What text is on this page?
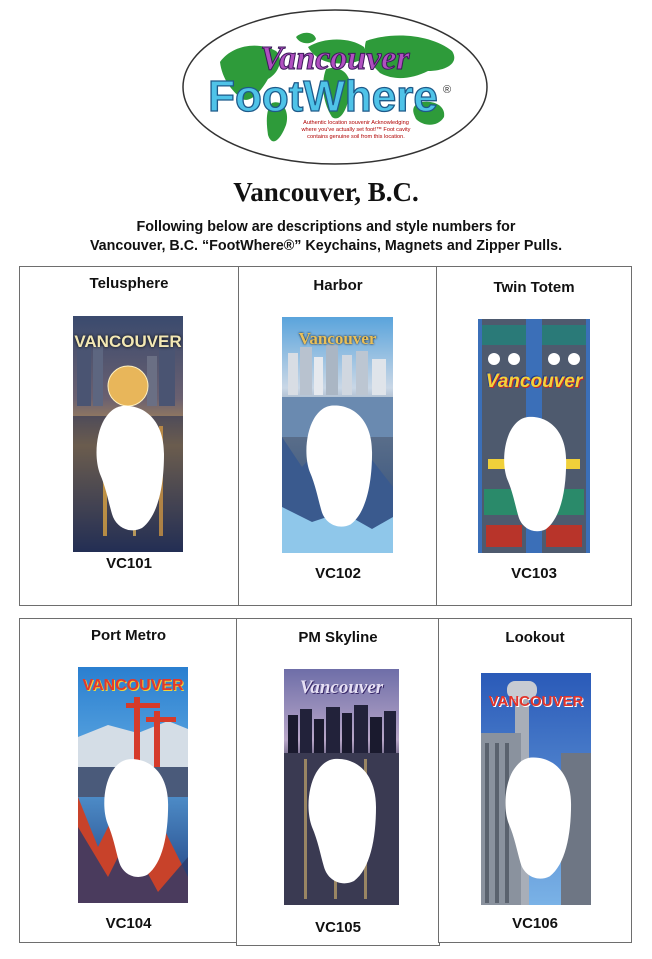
Vancouver
FootWhere ®
Authentic location souvenir Acknowledging
where you've actually set foot!™ Foot cavity
contains genuine soil from this location.
Vancouver, B.C.
Following below are descriptions and style numbers for
Vancouver, B.C. “FootWhere®” Keychains, Magnets and Zipper Pulls.
Telusphere
VANCOUVER
VC101
Harbor
Vancouver
VC102
Twin Totem
Vancouver
VC103
Port Metro
VANCOUVER
VC104
PM Skyline
Vancouver
VC105
Lookout
VANCOUVER
VC106
